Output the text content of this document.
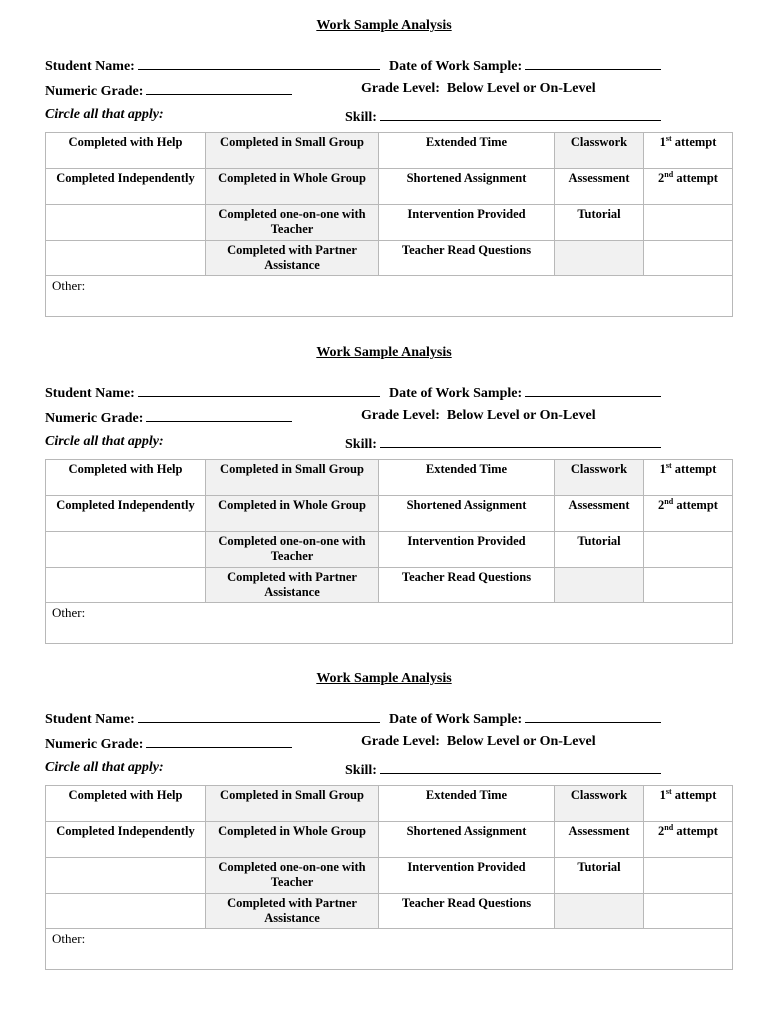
Work Sample Analysis
Student Name:	Date of Work Sample:
Numeric Grade:	Grade Level: Below Level or On-Level
Circle all that apply:	Skill:
Completed with Help	Completed in Small Group	Extended Time	Classwork	1st attempt
Completed Independently	Completed in Whole Group	Shortened Assignment	Assessment	2nd attempt
	Completed one-on-one with Teacher	Intervention Provided	Tutorial	
	Completed with Partner Assistance	Teacher Read Questions		
Other:				
Work Sample Analysis
Student Name:	Date of Work Sample:
Numeric Grade:	Grade Level: Below Level or On-Level
Circle all that apply:	Skill:
Completed with Help	Completed in Small Group	Extended Time	Classwork	1st attempt
Completed Independently	Completed in Whole Group	Shortened Assignment	Assessment	2nd attempt
	Completed one-on-one with Teacher	Intervention Provided	Tutorial	
	Completed with Partner Assistance	Teacher Read Questions		
Other:				
Work Sample Analysis
Student Name:	Date of Work Sample:
Numeric Grade:	Grade Level: Below Level or On-Level
Circle all that apply:	Skill:
Completed with Help	Completed in Small Group	Extended Time	Classwork	1st attempt
Completed Independently	Completed in Whole Group	Shortened Assignment	Assessment	2nd attempt
	Completed one-on-one with Teacher	Intervention Provided	Tutorial	
	Completed with Partner Assistance	Teacher Read Questions		
Other:				
